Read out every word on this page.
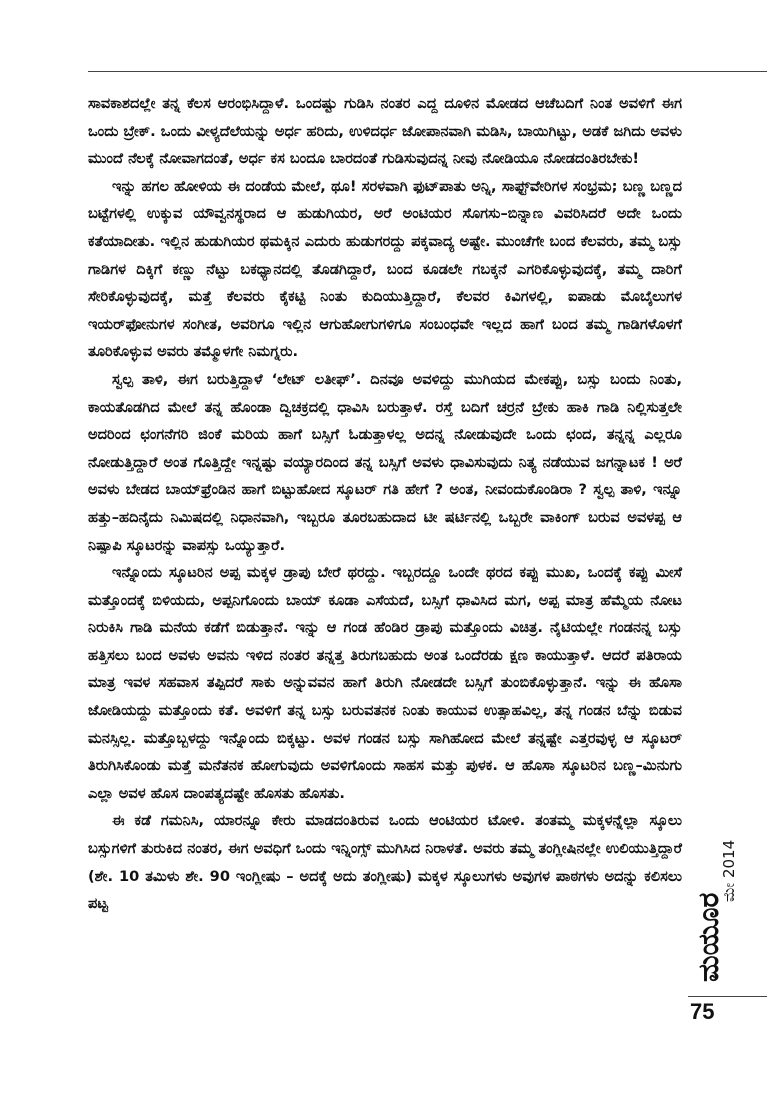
ಸಾವಕಾಶದಲ್ಲೇ ತನ್ನ ಕೆಲಸ ಆರಂಭಿಸಿದ್ದಾಳೆ. ಒಂದಷ್ಟು ಗುಡಿಸಿ ನಂತರ ಎದ್ದ ದೂಳಿನ ಮೋಡದ ಆಚೆಬದಿಗೆ ನಿಂತ ಅವಳಿಗೆ ಈಗ ಒಂದು ಬ್ರೇಕ್. ಒಂದು ವೀಳ್ಯದೆಲೆಯನ್ನು ಅರ್ಧ ಹರಿದು, ಉಳಿದರ್ಧ ಜೋಪಾನವಾಗಿ ಮಡಿಸಿ, ಬಾಯಿಗಿಟ್ಟು, ಅಡಕೆ ಜಗಿದು ಅವಳು ಮುಂದೆ ನೆಲಕ್ಕೆ ನೋವಾಗದಂತೆ, ಅರ್ಧ ಕಸ ಬಂದೂ ಬಾರದಂತೆ ಗುಡಿಸುವುದನ್ನ ನೀವು ನೋಡಿಯೂ ನೋಡದಂತಿರಬೇಕು!

ಇನ್ನು ಹಗಲ ಹೋಳಿಯ ಈ ದಂಡೆಯ ಮೇಲೆ, ಥೂ! ಸರಳವಾಗಿ ಫುಟ್‌ಪಾತು ಅನ್ನಿ, ಸಾಫ್ಟ್‌ವೇರಿಗಳ ಸಂಭ್ರಮ; ಬಣ್ಣ ಬಣ್ಣದ ಬಟ್ಟೆಗಳಲ್ಲಿ ಉಕ್ಕುವ ಯೌವ್ವನಸ್ಥರಾದ ಆ ಹುಡುಗಿಯರ, ಅರೆ ಅಂಟಿಯರ ಸೊಗಸು–ಬಿನ್ನಾಣ ವಿವರಿಸಿದರೆ ಅದೇ ಒಂದು ಕತೆಯಾದೀತು. ಇಲ್ಲಿನ ಹುಡುಗಿಯರ ಥಮಕ್ಕಿನ ಎದುರು ಹುಡುಗರದ್ದು ಪಕ್ಕವಾದ್ಯ ಅಷ್ಟೇ. ಮುಂಚೆಗೇ ಬಂದ ಕೆಲವರು, ತಮ್ಮ ಬಸ್ಸು ಗಾಡಿಗಳ ದಿಕ್ಕಿಗೆ ಕಣ್ಣು ನೆಟ್ಟು ಬಕಧ್ಯಾನದಲ್ಲಿ ತೊಡಗಿದ್ದಾರೆ, ಬಂದ ಕೂಡಲೇ ಗಬಕ್ಕನೆ ಎಗರಿಕೊಳ್ಳುವುದಕ್ಕೆ, ತಮ್ಮ ದಾರಿಗೆ ಸೇರಿಕೊಳ್ಳುವುದಕ್ಕೆ, ಮತ್ತೆ ಕೆಲವರು ಕೈಕಟ್ಟಿ ನಿಂತು ಕುದಿಯುತ್ತಿದ್ದಾರೆ, ಕೆಲವರ ಕಿವಿಗಳಲ್ಲಿ, ಐಪಾಡು ಮೊಬೈಲುಗಳ ಇಯರ್‌ಫೋನುಗಳ ಸಂಗೀತ, ಅವರಿಗೂ ಇಲ್ಲಿನ ಆಗುಹೋಗುಗಳಿಗೂ ಸಂಬಂಧವೇ ಇಲ್ಲದ ಹಾಗೆ ಬಂದ ತಮ್ಮ ಗಾಡಿಗಳೊಳಗೆ ತೂರಿಕೊಳ್ಳುವ ಅವರು ತಮ್ಮೊಳಗೇ ನಿಮಗ್ನರು.

ಸ್ವಲ್ಪ ತಾಳಿ, ಈಗ ಬರುತ್ತಿದ್ದಾಳೆ ‘ಲೇಟ್ ಲತೀಫ್’. ದಿನವೂ ಅವಳಿದ್ದು ಮುಗಿಯದ ಮೇಕಪ್ಪು, ಬಸ್ಸು ಬಂದು ನಿಂತು, ಕಾಯತೊಡಗಿದ ಮೇಲೆ ತನ್ನ ಹೊಂಡಾ ದ್ವಿಚಕ್ರದಲ್ಲಿ ಧಾವಿಸಿ ಬರುತ್ತಾಳೆ. ರಸ್ತೆ ಬದಿಗೆ ಚರ್ರನೆ ಬ್ರೇಕು ಹಾಕಿ ಗಾಡಿ ನಿಲ್ಲಿಸುತ್ತಲೇ ಅದರಿಂದ ಛಂಗನೆಗರಿ ಜಿಂಕೆ ಮರಿಯ ಹಾಗೆ ಬಸ್ಸಿಗೆ ಓಡುತ್ತಾಳಲ್ಲ ಅದನ್ನ ನೋಡುವುದೇ ಒಂದು ಛಂದ, ತನ್ನನ್ನ ಎಲ್ಲರೂ ನೋಡುತ್ತಿದ್ದಾರೆ ಅಂತ ಗೊತ್ತಿದ್ದೇ ಇನ್ನಷ್ಟು ವಯ್ಯಾರದಿಂದ ತನ್ನ ಬಸ್ಸಿಗೆ ಅವಳು ಧಾವಿಸುವುದು ನಿತ್ಯ ನಡೆಯುವ ಜಗನ್ನಾಟಕ ! ಅರೆ ಅವಳು ಬೇಡದ ಬಾಯ್‌ಫ್ರೆಂಡಿನ ಹಾಗೆ ಬಿಟ್ಟುಹೋದ ಸ್ಕೂಟರ್ ಗತಿ ಹೇಗೆ ? ಅಂತ, ನೀವಂದುಕೊಂಡಿರಾ ? ಸ್ವಲ್ಪ ತಾಳಿ, ಇನ್ನೂ ಹತ್ತು–ಹದಿನೈದು ನಿಮಿಷದಲ್ಲಿ ನಿಧಾನವಾಗಿ, ಇಬ್ಬರೂ ತೂರಬಹುದಾದ ಟೀ ಷರ್ಟಿನಲ್ಲಿ ಒಬ್ಬರೇ ವಾಕಿಂಗ್ ಬರುವ ಅವಳಪ್ಪ ಆ ನಿಷ್ಪಾಪಿ ಸ್ಕೂಟರನ್ನು ವಾಪಸ್ಸು ಒಯ್ಯುತ್ತಾರೆ.

ಇನ್ನೊಂದು ಸ್ಕೂಟರಿನ ಅಪ್ಪ ಮಕ್ಕಳ ಡ್ರಾಪು ಬೇರೆ ಥರದ್ದು. ಇಬ್ಬರದ್ದೂ ಒಂದೇ ಥರದ ಕಪ್ಪು ಮುಖ, ಒಂದಕ್ಕೆ ಕಪ್ಪು ಮೀಸೆ ಮತ್ತೊಂದಕ್ಕೆ ಬಿಳಿಯದು, ಅಪ್ಪನಿಗೊಂದು ಬಾಯ್ ಕೂಡಾ ಎಸೆಯದೆ, ಬಸ್ಸಿಗೆ ಧಾವಿಸಿದ ಮಗ, ಅಪ್ಪ ಮಾತ್ರ ಹೆಮ್ಮೆಯ ನೋಟ ನಿರುಕಿಸಿ ಗಾಡಿ ಮನೆಯ ಕಡೆಗೆ ಬಿಡುತ್ತಾನೆ. ಇನ್ನು ಆ ಗಂಡ ಹೆಂಡಿರ ಡ್ರಾಪು ಮತ್ತೊಂದು ವಿಚಿತ್ರ. ನೈಟಿಯಲ್ಲೇ ಗಂಡನನ್ನ ಬಸ್ಸು ಹತ್ತಿಸಲು ಬಂದ ಅವಳು ಅವನು ಇಳಿದ ನಂತರ ತನ್ನತ್ತ ತಿರುಗಬಹುದು ಅಂತ ಒಂದೆರಡು ಕ್ಷಣ ಕಾಯುತ್ತಾಳೆ. ಆದರೆ ಪತಿರಾಯ ಮಾತ್ರ ಇವಳ ಸಹವಾಸ ತಪ್ಪಿದರೆ ಸಾಕು ಅನ್ನುವವನ ಹಾಗೆ ತಿರುಗಿ ನೋಡದೇ ಬಸ್ಸಿಗೆ ತುಂಬಿಕೊಳ್ಳುತ್ತಾನೆ. ಇನ್ನು ಈ ಹೊಸಾ ಜೋಡಿಯದ್ದು ಮತ್ತೊಂದು ಕತೆ. ಅವಳಿಗೆ ತನ್ನ ಬಸ್ಸು ಬರುವತನಕ ನಿಂತು ಕಾಯುವ ಉತ್ಸಾಹವಿಲ್ಲ, ತನ್ನ ಗಂಡನ ಬೆನ್ನು ಬಿಡುವ ಮನಸ್ಸಿಲ್ಲ. ಮತ್ತೊಬ್ಬಳದ್ದು ಇನ್ನೊಂದು ಬಿಕ್ಕಟ್ಟು. ಅವಳ ಗಂಡನ ಬಸ್ಸು ಸಾಗಿಹೋದ ಮೇಲೆ ತನ್ನಷ್ಟೇ ಎತ್ತರವುಳ್ಳ ಆ ಸ್ಕೂಟರ್ ತಿರುಗಿಸಿಕೊಂಡು ಮತ್ತೆ ಮನೆತನಕ ಹೋಗುವುದು ಅವಳಿಗೊಂದು ಸಾಹಸ ಮತ್ತು ಪುಳಕ. ಆ ಹೊಸಾ ಸ್ಕೂಟರಿನ ಬಣ್ಣ–ಮಿನುಗು ಎಲ್ಲಾ ಅವಳ ಹೊಸ ದಾಂಪತ್ಯದಷ್ಟೇ ಹೊಸತು ಹೊಸತು.

ಈ ಕಡೆ ಗಮನಿಸಿ, ಯಾರನ್ನೂ ಕೇರು ಮಾಡದಂತಿರುವ ಒಂದು ಆಂಟಿಯರ ಟೋಳಿ. ತಂತಮ್ಮ ಮಕ್ಕಳನ್ನೆಲ್ಲಾ ಸ್ಕೂಲು ಬಸ್ಸುಗಳಿಗೆ ತುರುಕಿದ ನಂತರ, ಈಗ ಅವಧಿಗೆ ಒಂದು ಇನ್ನಿಂಗ್ಸ್ ಮುಗಿಸಿದ ನಿರಾಳತೆ. ಅವರು ತಮ್ಮ ತಂಗ್ಲೀಷಿನಲ್ಲೇ ಉಲಿಯುತ್ತಿದ್ದಾರೆ (ಶೇ. 10 ತಮಿಳು ಶೇ. 90 ಇಂಗ್ಲೀಷು – ಅದಕ್ಕೆ ಅದು ತಂಗ್ಲೀಷು) ಮಕ್ಕಳ ಸ್ಕೂಲುಗಳು ಅವುಗಳ ಪಾಠಗಳು ಅದನ್ನು ಕಲಿಸಲು ಪಟ್ಟ	ಮಯೂರ
ಮೇ 2014
75
